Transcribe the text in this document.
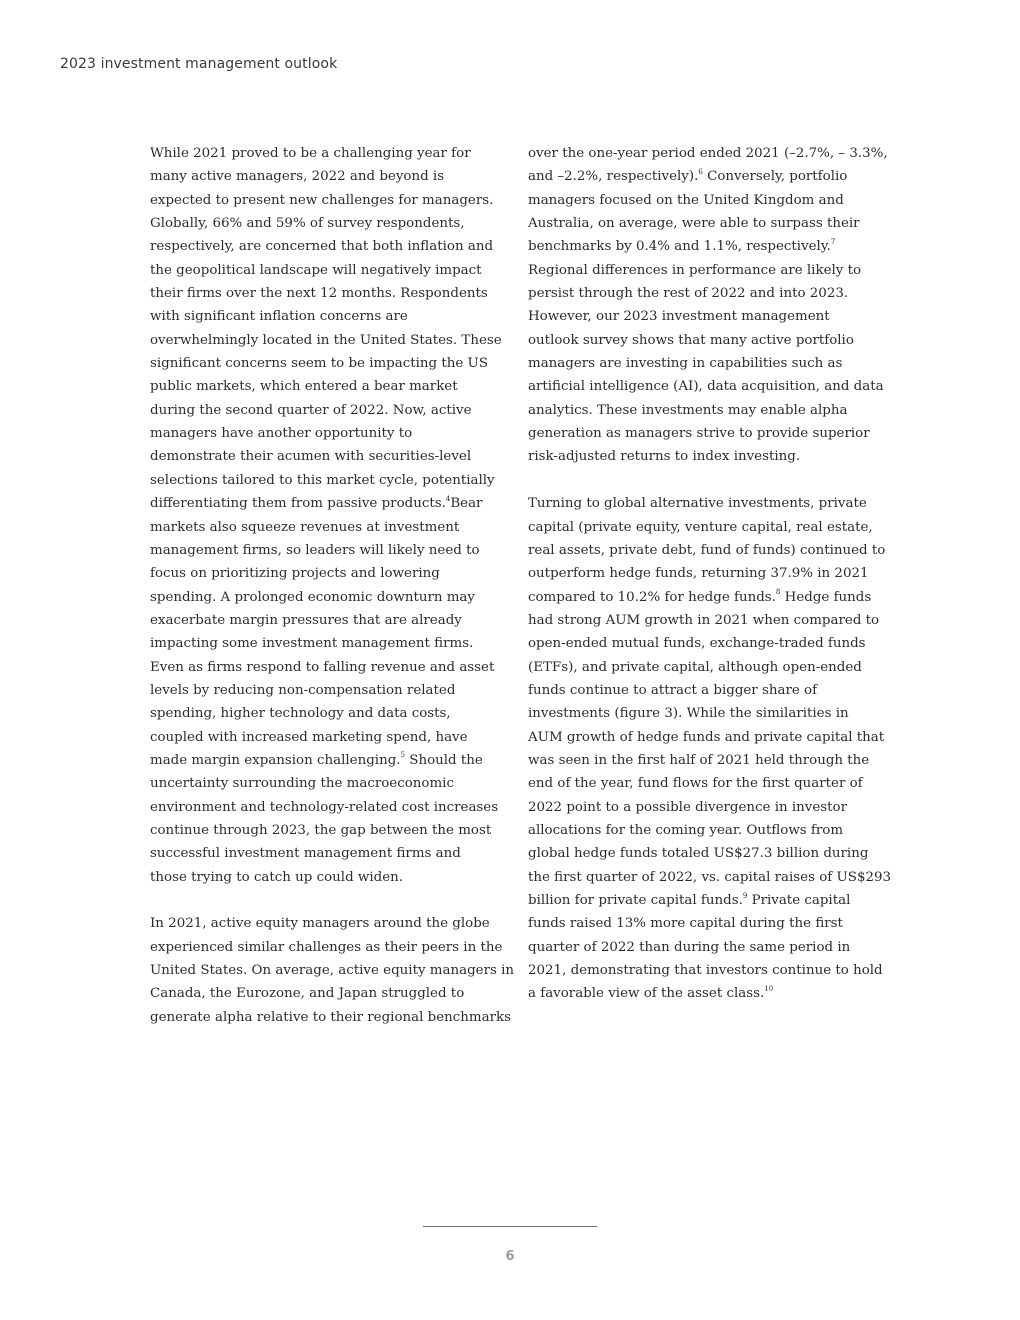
2023 investment management outlook
While 2021 proved to be a challenging year for
many active managers, 2022 and beyond is
expected to present new challenges for managers.
Globally, 66% and 59% of survey respondents,
respectively, are concerned that both inflation and
the geopolitical landscape will negatively impact
their firms over the next 12 months. Respondents
with significant inflation concerns are
overwhelmingly located in the United States. These
significant concerns seem to be impacting the US
public markets, which entered a bear market
during the second quarter of 2022. Now, active
managers have another opportunity to
demonstrate their acumen with securities-level
selections tailored to this market cycle, potentially
differentiating them from passive products.$^4$Bear
markets also squeeze revenues at investment
management firms, so leaders will likely need to
focus on prioritizing projects and lowering
spending. A prolonged economic downturn may
exacerbate margin pressures that are already
impacting some investment management firms.
Even as firms respond to falling revenue and asset
levels by reducing non-compensation related
spending, higher technology and data costs,
coupled with increased marketing spend, have
made margin expansion challenging.$^5$ Should the
uncertainty surrounding the macroeconomic
environment and technology-related cost increases
continue through 2023, the gap between the most
successful investment management firms and
those trying to catch up could widen.
In 2021, active equity managers around the globe
experienced similar challenges as their peers in the
United States. On average, active equity managers in
Canada, the Eurozone, and Japan struggled to
generate alpha relative to their regional benchmarks
over the one-year period ended 2021 (–2.7%, – 3.3%,
and –2.2%, respectively).$^6$ Conversely, portfolio
managers focused on the United Kingdom and
Australia, on average, were able to surpass their
benchmarks by 0.4% and 1.1%, respectively.$^7$
Regional differences in performance are likely to
persist through the rest of 2022 and into 2023.
However, our 2023 investment management
outlook survey shows that many active portfolio
managers are investing in capabilities such as
artificial intelligence (AI), data acquisition, and data
analytics. These investments may enable alpha
generation as managers strive to provide superior
risk-adjusted returns to index investing.
Turning to global alternative investments, private
capital (private equity, venture capital, real estate,
real assets, private debt, fund of funds) continued to
outperform hedge funds, returning 37.9% in 2021
compared to 10.2% for hedge funds.$^8$ Hedge funds
had strong AUM growth in 2021 when compared to
open-ended mutual funds, exchange-traded funds
(ETFs), and private capital, although open-ended
funds continue to attract a bigger share of
investments (figure 3). While the similarities in
AUM growth of hedge funds and private capital that
was seen in the first half of 2021 held through the
end of the year, fund flows for the first quarter of
2022 point to a possible divergence in investor
allocations for the coming year. Outflows from
global hedge funds totaled US$27.3 billion during
the first quarter of 2022, vs. capital raises of US$293
billion for private capital funds.$^9$ Private capital
funds raised 13% more capital during the first
quarter of 2022 than during the same period in
2021, demonstrating that investors continue to hold
a favorable view of the asset class.$^{10}$
6
